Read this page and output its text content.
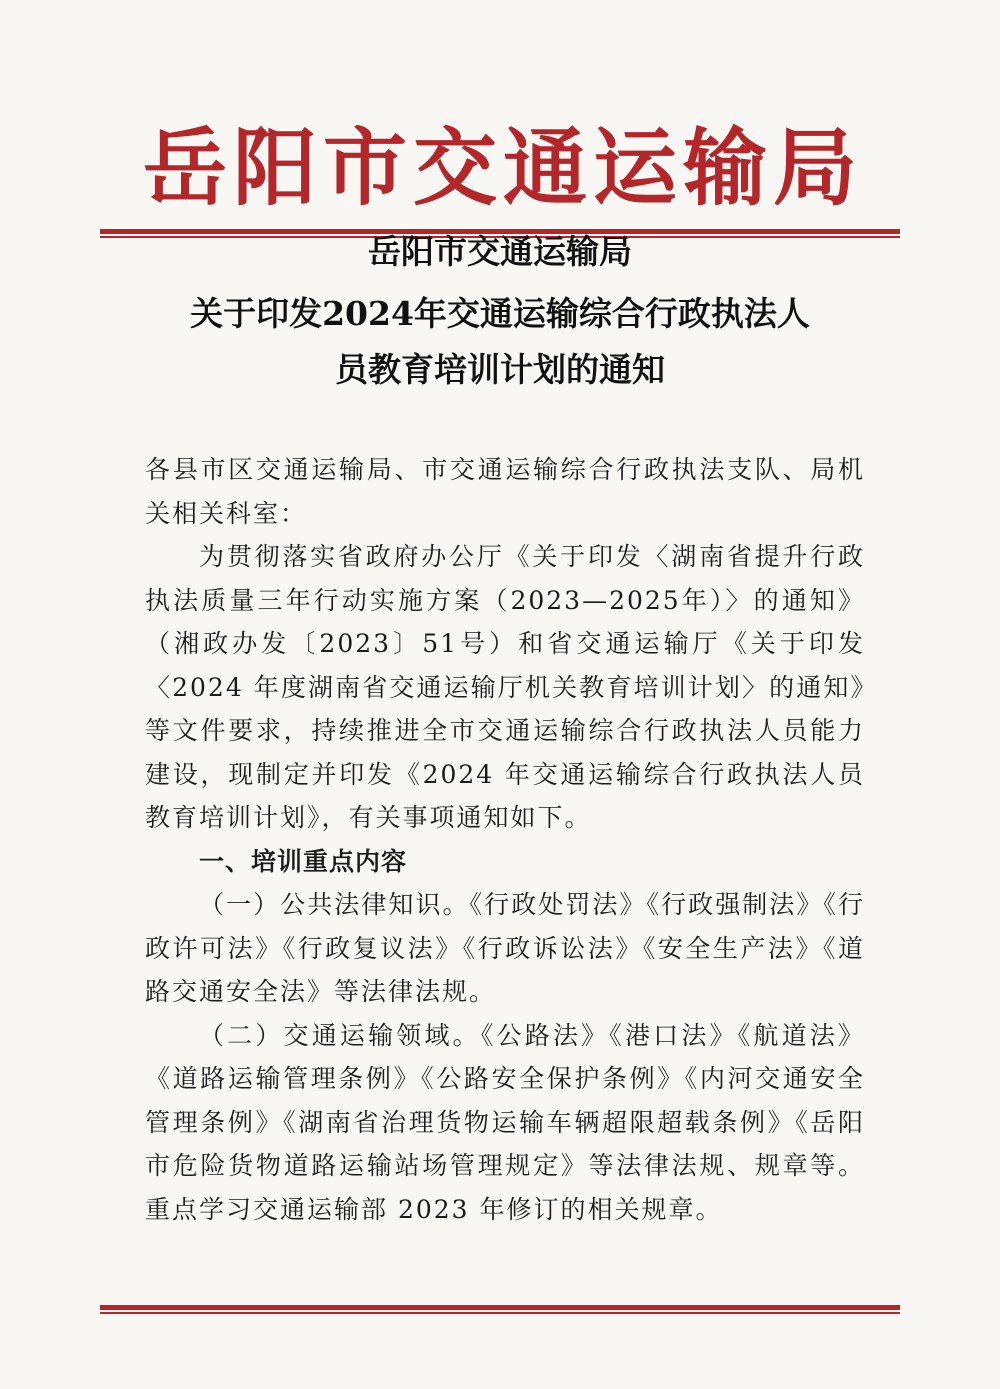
岳 阳 市 交 通 运 输 局
岳阳市交通运输局
关于印发2024年交通运输综合行政执法人
员教育培训计划的通知

各县市区交通运输局、市交通运输综合行政执法支队、局机关相关科室：

为贯彻落实省政府办公厅《关于印发〈湖南省提升行政执法质量三年行动实施方案（2023—2025年）〉的通知》（湘政办发〔2023〕51号）和省交通运输厅《关于印发〈2024 年度湖南省交通运输厅机关教育培训计划〉的通知》等文件要求，持续推进全市交通运输综合行政执法人员能力建设，现制定并印发《2024 年交通运输综合行政执法人员教育培训计划》，有关事项通知如下。

一、培训重点内容

（一）公共法律知识。《行政处罚法》《行政强制法》《行政许可法》《行政复议法》《行政诉讼法》《安全生产法》《道路交通安全法》等法律法规。

（二）交通运输领域。《公路法》《港口法》《航道法》《道路运输管理条例》《公路安全保护条例》《内河交通安全管理条例》《湖南省治理货物运输车辆超限超载条例》《岳阳市危险货物道路运输站场管理规定》等法律法规、规章等。重点学习交通运输部 2023 年修订的相关规章。
